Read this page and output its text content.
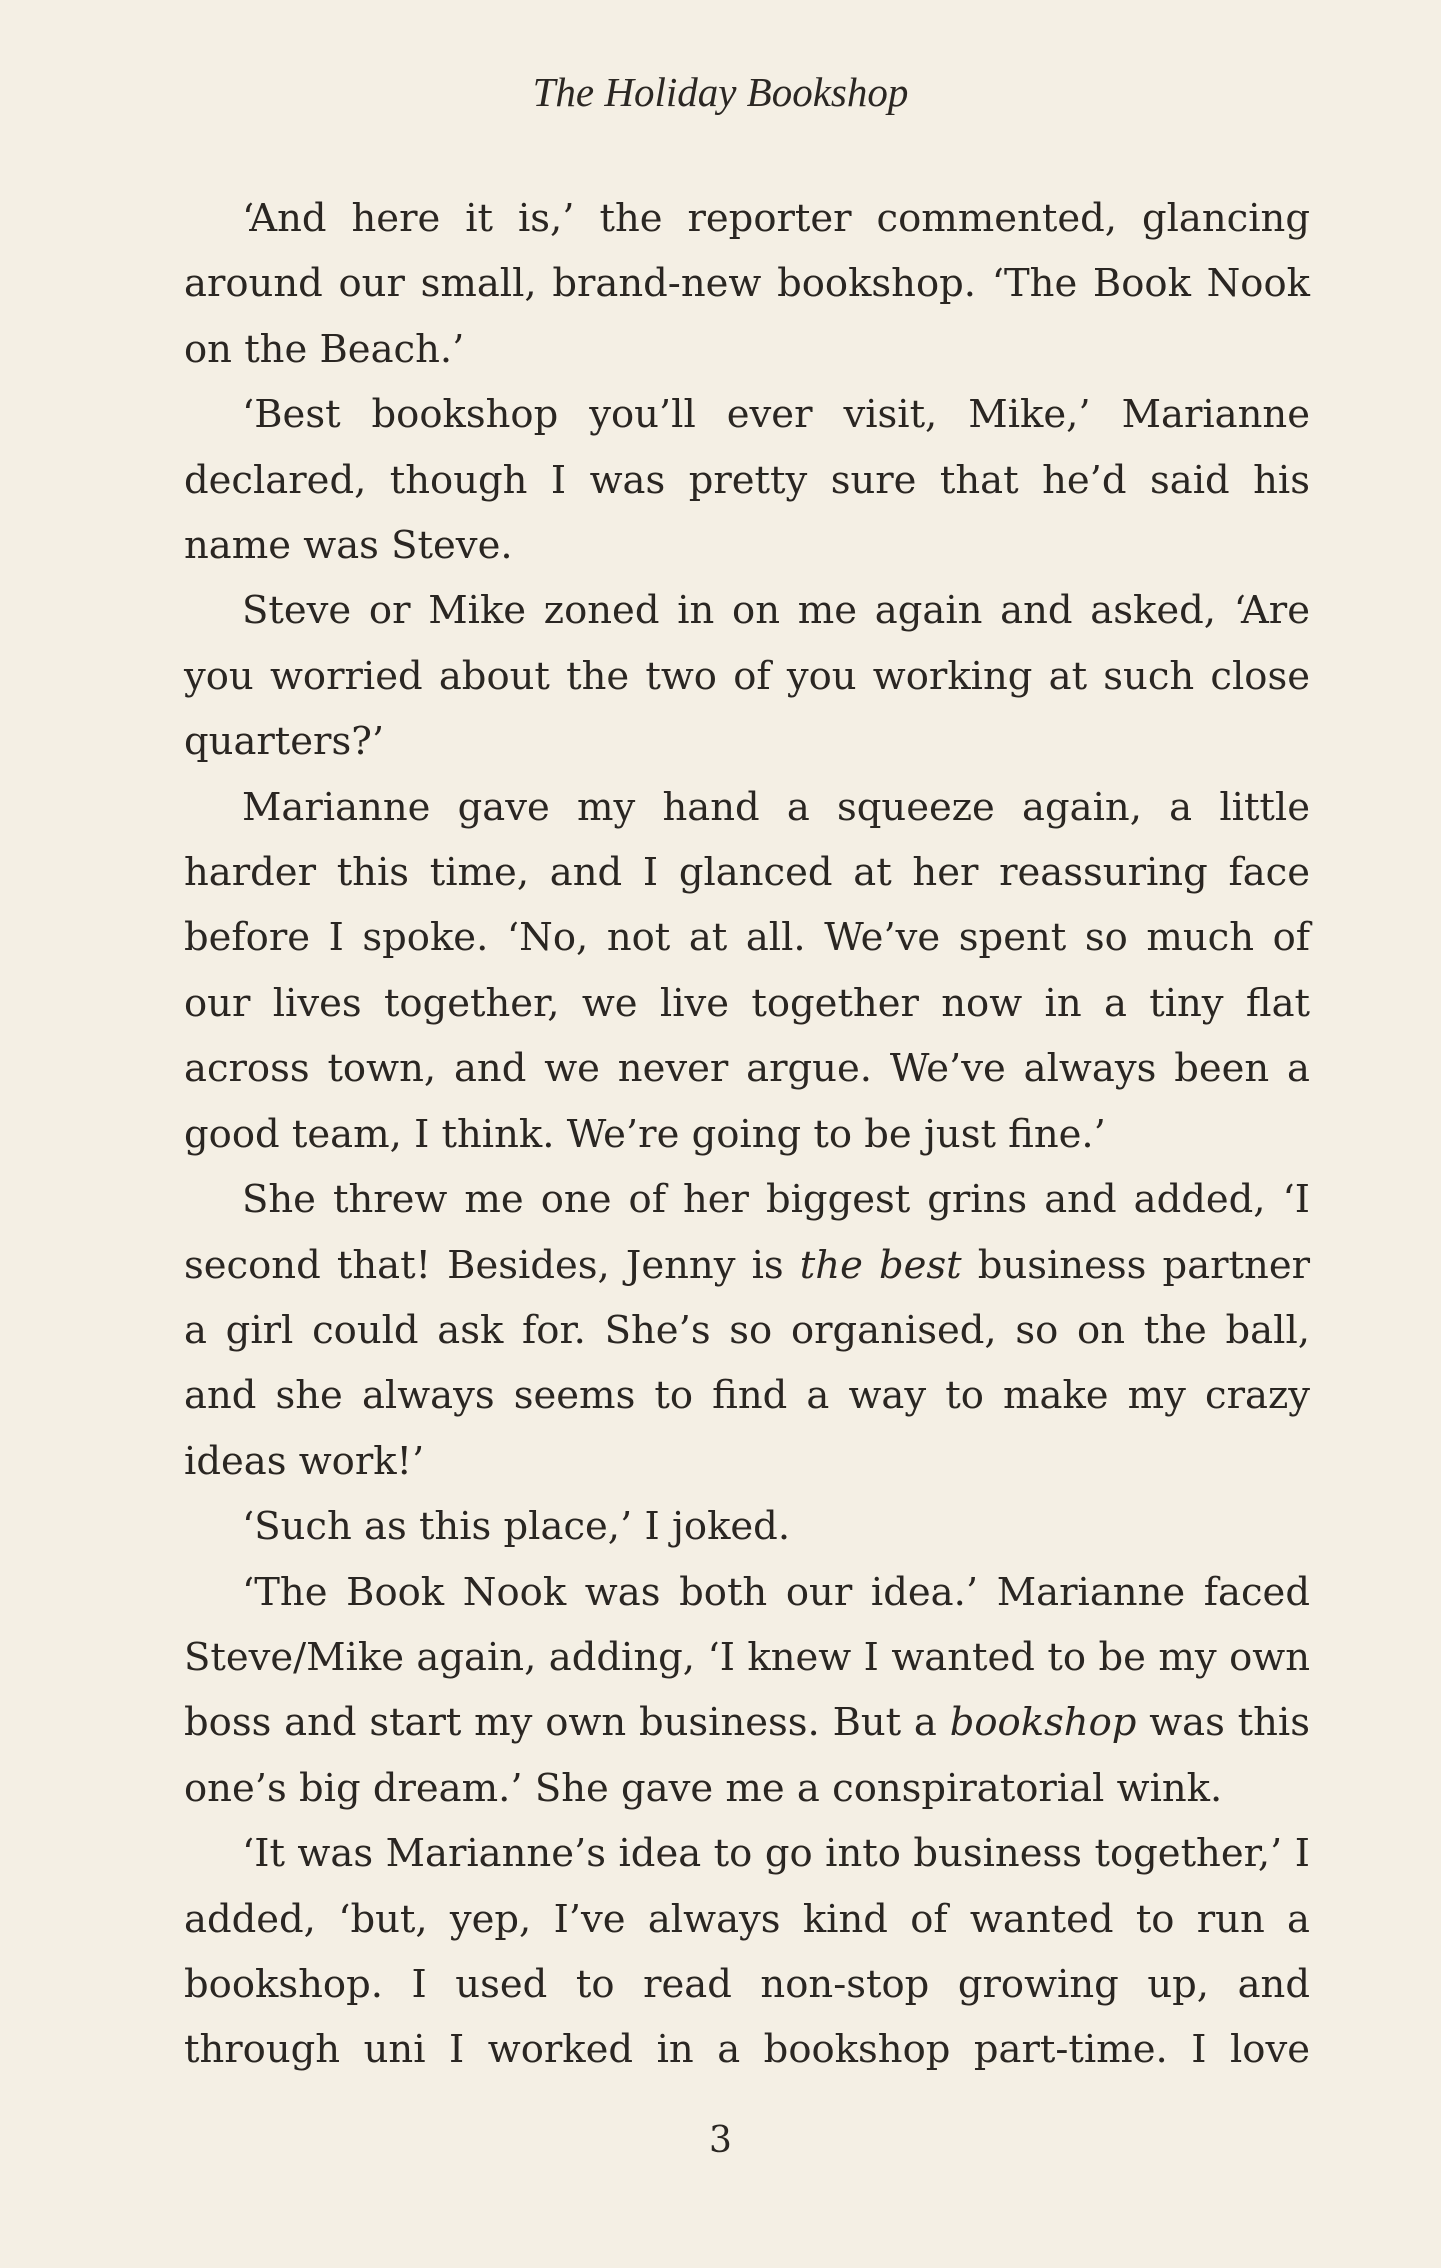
The Holiday Bookshop

‘And here it is,’ the reporter commented, glancing around our small, brand-new bookshop. ‘The Book Nook on the Beach.’

‘Best bookshop you’ll ever visit, Mike,’ Marianne declared, though I was pretty sure that he’d said his name was Steve.

Steve or Mike zoned in on me again and asked, ‘Are you worried about the two of you working at such close quarters?’

Marianne gave my hand a squeeze again, a little harder this time, and I glanced at her reassuring face before I spoke. ‘No, not at all. We’ve spent so much of our lives together, we live together now in a tiny flat across town, and we never argue. We’ve always been a good team, I think. We’re going to be just fine.’

She threw me one of her biggest grins and added, ‘I second that! Besides, Jenny is the best business partner a girl could ask for. She’s so organised, so on the ball, and she always seems to find a way to make my crazy ideas work!’

‘Such as this place,’ I joked.

‘The Book Nook was both our idea.’ Marianne faced Steve/Mike again, adding, ‘I knew I wanted to be my own boss and start my own business. But a bookshop was this one’s big dream.’ She gave me a conspiratorial wink.

‘It was Marianne’s idea to go into business together,’ I added, ‘but, yep, I’ve always kind of wanted to run a bookshop. I used to read non-stop growing up, and through uni I worked in a bookshop part-time. I love

3
